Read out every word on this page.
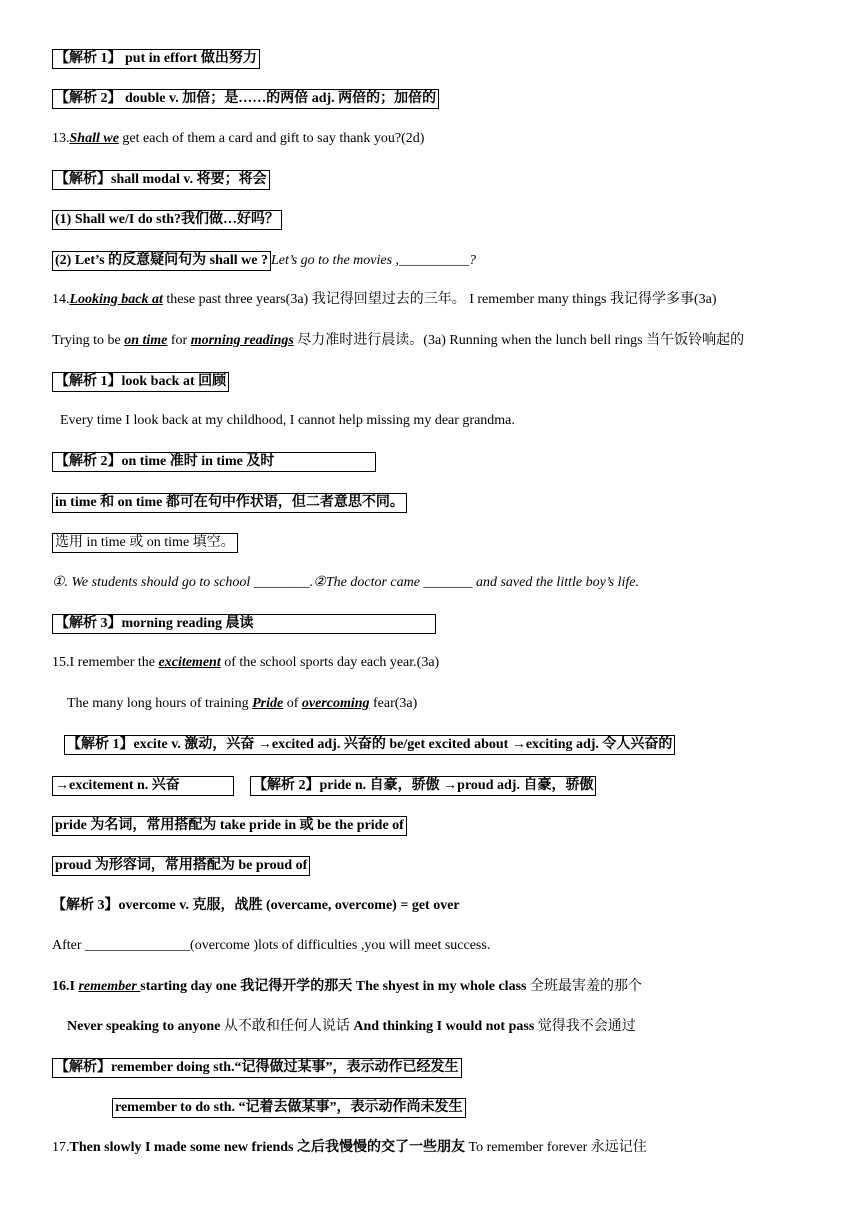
【解析 1】 put in effort 做出努力
【解析 2】 double v. 加倍；是……的两倍 adj. 两倍的；加倍的
13.Shall we get each of them a card and gift to say thank you?(2d)
【解析】shall modal v. 将要；将会
(1) Shall we/I do sth?我们做…好吗？
(2) Let’s 的反意疑问句为 shall we ? Let’s go to the movies ,__________?
14.Looking back at these past three years(3a) 我记得回望过去的三年。 I remember many things 我记得学多事(3a)
Trying to be on time for morning readings 尽力准时进行晨读。(3a) Running when the lunch bell rings 当午饭铃响起的
【解析 1】look back at 回顾
Every time I look back at my childhood, I cannot help missing my dear grandma.
【解析 2】on time 准时 in time 及时
in time 和 on time 都可在句中作状语，但二者意思不同。
选用 in time 或 on time 填空。
①. We students should go to school ________.②The doctor came _______ and saved the little boy’s life.
【解析 3】morning reading 晨读
15.I remember the excitement of the school sports day each year.(3a)
The many long hours of training Pride of overcoming fear(3a)
【解析 1】excite v. 激动，兴奋 →excited adj. 兴奋的 be/get excited about →exciting adj. 令人兴奋的
→excitement n. 兴奋	【解析 2】pride n. 自豪，骄傲 →proud adj. 自豪，骄傲
pride 为名词，常用搭配为 take pride in 或 be the pride of
proud 为形容词，常用搭配为 be proud of
【解析 3】overcome v. 克服，战胜 (overcame, overcome) = get over
After _______________(overcome )lots of difficulties ,you will meet success.
16.I remember starting day one 我记得开学的那天 The shyest in my whole class 全班最害羞的那个
Never speaking to anyone 从不敢和任何人说话 And thinking I would not pass 觉得我不会通过
【解析】remember doing sth.“记得做过某事”，表示动作已经发生
remember to do sth. “记着去做某事”，表示动作尚未发生
17.Then slowly I made some new friends 之后我慢慢的交了一些朋友 To remember forever 永远记住
